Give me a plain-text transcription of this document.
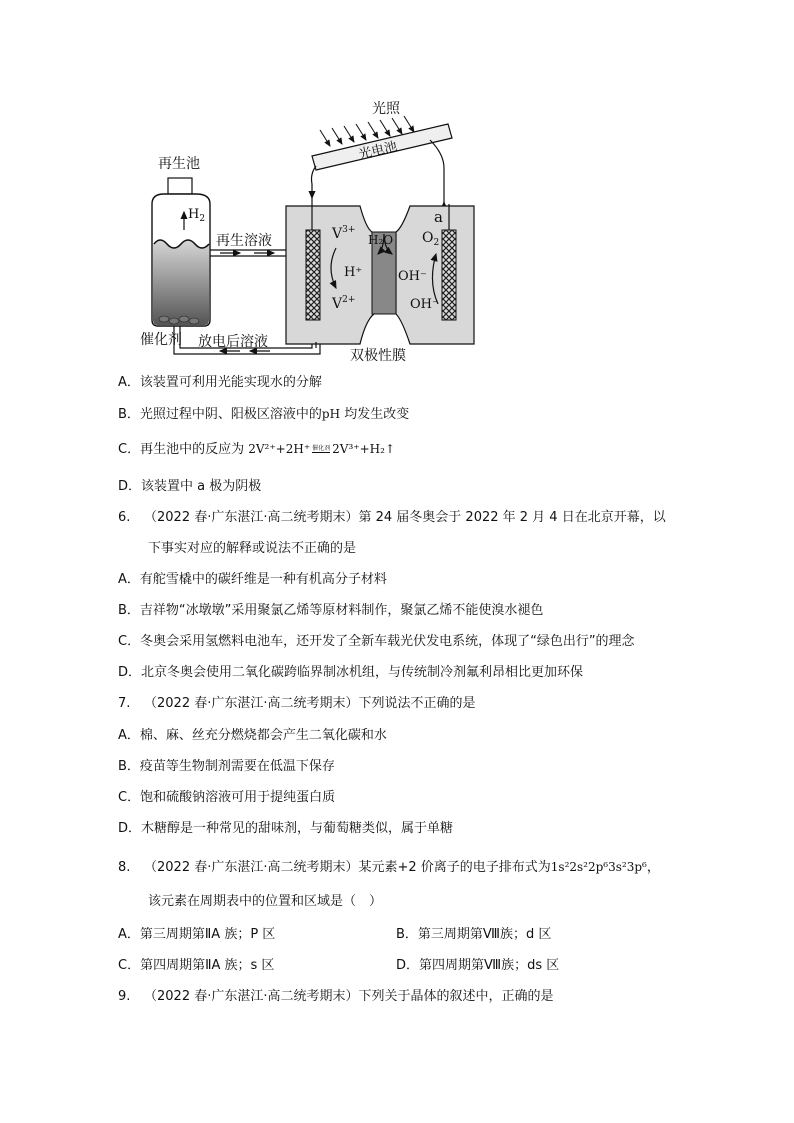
光照
光电池
再生池
$H_2$
再生溶液
放电后溶液
催化剂
$V^{3+}$
$V^{2+}$
H₂O
H⁺	OH⁻
OH⁻
$O_2$
a
双极性膜
A．该装置可利用光能实现水的分解
B．光照过程中阴、阳极区溶液中的pH 均发生改变
C．再生池中的反应为 2V²⁺+2H⁺ 催化剂 2V³⁺+H₂↑
D．该装置中 a 极为阴极
6. （2022 春·广东湛江·高二统考期末）第 24 届冬奥会于 2022 年 2 月 4 日在北京开幕，以
下事实对应的解释或说法不正确的是
A．有舵雪橇中的碳纤维是一种有机高分子材料
B．吉祥物“冰墩墩”采用聚氯乙烯等原材料制作，聚氯乙烯不能使溴水褪色
C．冬奥会采用氢燃料电池车，还开发了全新车载光伏发电系统，体现了“绿色出行”的理念
D．北京冬奥会使用二氧化碳跨临界制冰机组，与传统制冷剂氟利昂相比更加环保
7. （2022 春·广东湛江·高二统考期末）下列说法不正确的是
A．棉、麻、丝充分燃烧都会产生二氧化碳和水
B．疫苗等生物制剂需要在低温下保存
C．饱和硫酸钠溶液可用于提纯蛋白质
D．木糖醇是一种常见的甜味剂，与葡萄糖类似，属于单糖
8. （2022 春·广东湛江·高二统考期末）某元素+2 价离子的电子排布式为1s²2s²2p⁶3s²3p⁶，
该元素在周期表中的位置和区域是（　）
A．第三周期第ⅡA 族；P 区	B．第三周期第Ⅷ族；d 区
C．第四周期第ⅡA 族；s 区	D．第四周期第Ⅷ族；ds 区
9. （2022 春·广东湛江·高二统考期末）下列关于晶体的叙述中，正确的是
